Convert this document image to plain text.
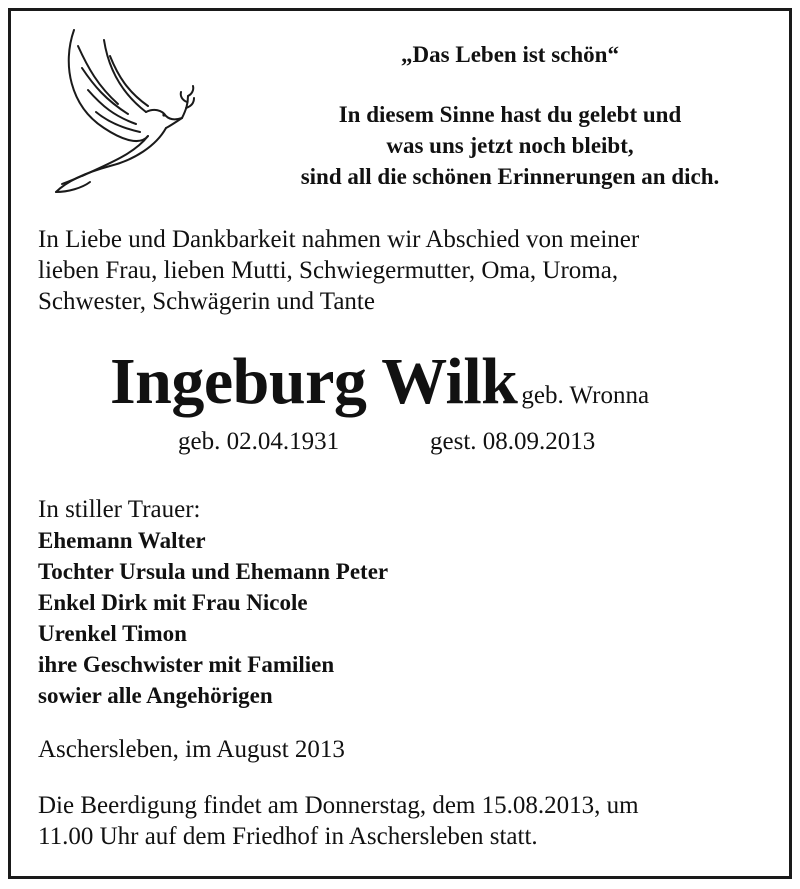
„Das Leben ist schön“

In diesem Sinne hast du gelebt und

was uns jetzt noch bleibt,

sind all die schönen Erinnerungen an dich.

In Liebe und Dankbarkeit nahmen wir Abschied von meiner

lieben Frau, lieben Mutti, Schwiegermutter, Oma, Uroma,

Schwester, Schwägerin und Tante

Ingeburg Wilk geb. Wronna

geb. 02.04.1931	gest. 08.09.2013

In stiller Trauer:
Ehemann Walter
Tochter Ursula und Ehemann Peter
Enkel Dirk mit Frau Nicole
Urenkel Timon
ihre Geschwister mit Familien
sowier alle Angehörigen

Aschersleben, im August 2013

Die Beerdigung findet am Donnerstag, dem 15.08.2013, um

11.00 Uhr auf dem Friedhof in Aschersleben statt.
